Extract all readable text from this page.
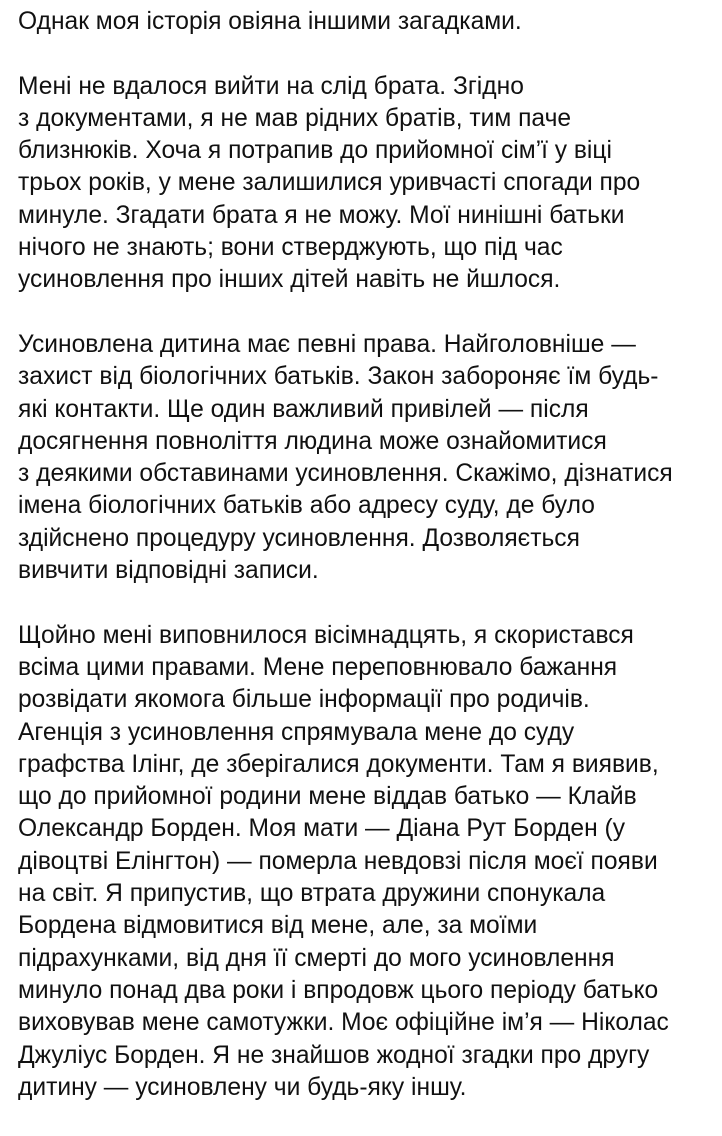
Однак моя історія овіяна іншими загадками.

Мені не вдалося вийти на слід брата. Згідно
з документами, я не мав рідних братів, тим паче
близнюків. Хоча я потрапив до прийомної сім’ї у віці
трьох років, у мене залишилися уривчасті спогади про
минуле. Згадати брата я не можу. Мої нинішні батьки
нічого не знають; вони стверджують, що під час
усиновлення про інших дітей навіть не йшлося.

Усиновлена дитина має певні права. Найголовніше —
захист від біологічних батьків. Закон забороняє їм будь-
які контакти. Ще один важливий привілей — після
досягнення повноліття людина може ознайомитися
з деякими обставинами усиновлення. Скажімо, дізнатися
імена біологічних батьків або адресу суду, де було
здійснено процедуру усиновлення. Дозволяється
вивчити відповідні записи.

Щойно мені виповнилося вісімнадцять, я скористався
всіма цими правами. Мене переповнювало бажання
розвідати якомога більше інформації про родичів.
Агенція з усиновлення спрямувала мене до суду
графства Ілінг, де зберігалися документи. Там я виявив,
що до прийомної родини мене віддав батько — Клайв
Олександр Борден. Моя мати — Діана Рут Борден (у
дівоцтві Елінгтон) — померла невдовзі після моєї появи
на світ. Я припустив, що втрата дружини спонукала
Бордена відмовитися від мене, але, за моїми
підрахунками, від дня її смерті до мого усиновлення
минуло понад два роки і впродовж цього періоду батько
виховував мене самотужки. Моє офіційне ім’я — Ніколас
Джуліус Борден. Я не знайшов жодної згадки про другу
дитину — усиновлену чи будь-яку іншу.
